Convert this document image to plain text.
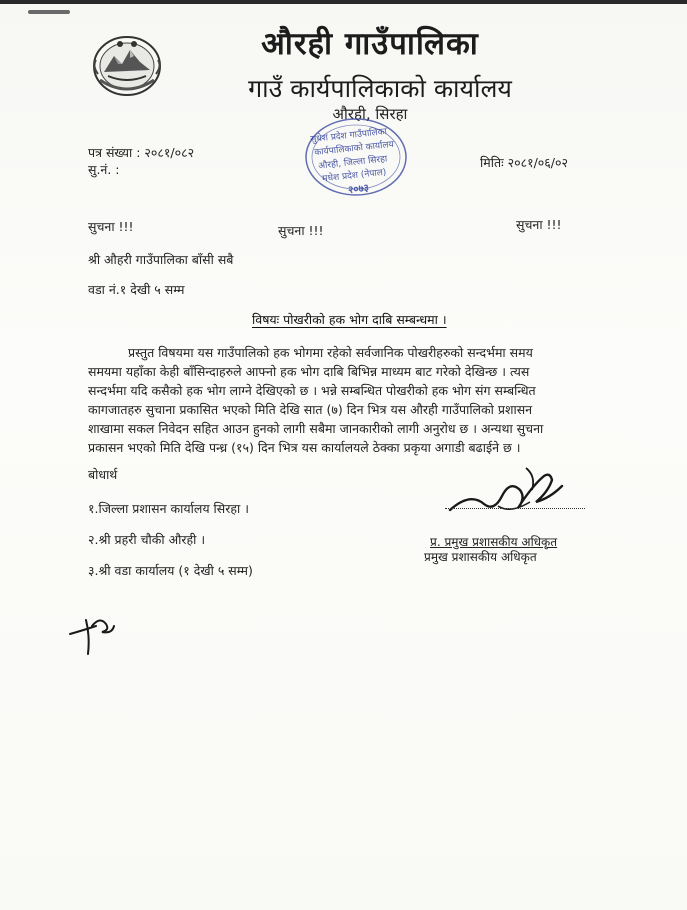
औरही गाउँपालिका
गाउँ कार्यपालिकाको कार्यालय
औरही, सिरहा
सुधेश प्रदेश गाउँपालिका
कार्यपालिकाको कार्यालय
औरही, जिल्ला सिरहा
मधेश प्रदेश (नेपाल)
२०७३
पत्र संख्या : २०८१/०८२
सु.नं. :	मितिः २०८१/०६/०२
सुचना !!!	सुचना !!!	सुचना !!!
श्री औहरी गाउँपालिका बाँसी सबै
वडा नं.१ देखी ५ सम्म
विषयः पोखरीको हक भोग दाबि सम्बन्धमा ।
प्रस्तुत विषयमा यस गाउँपालिको हक भोगमा रहेको सर्वजानिक पोखरीहरुको सन्दर्भमा समय
समयमा यहाँका केही बाँसिन्दाहरुले आफ्नो हक भोग दाबि बिभिन्न माध्यम बाट गरेको देखिन्छ । त्यस
सन्दर्भमा यदि कसैको हक भोग लाग्ने देखिएको छ । भन्ने सम्बन्धित पोखरीको हक भोग संग सम्बन्धित
कागजातहरु सुचाना प्रकासित भएको मिति देखि सात (७) दिन भित्र यस औरही गाउँपालिको प्रशासन
शाखामा सकल निवेदन सहित आउन हुनको लागी सबैमा जानकारीको लागी अनुरोध छ । अन्यथा सुचना
प्रकासन भएको मिति देखि पन्ध्र (१५) दिन भित्र यस कार्यालयले ठेक्का प्रकृया अगाडी बढाईने छ ।
बोधार्थ
१.जिल्ला प्रशासन कार्यालय सिरहा ।
२.श्री प्रहरी चौकी औरही ।
३.श्री वडा कार्यालय (१ देखी ५ सम्म)
प्र. प्रमुख प्रशासकीय अधिकृत
प्रमुख प्रशासकीय अधिकृत
